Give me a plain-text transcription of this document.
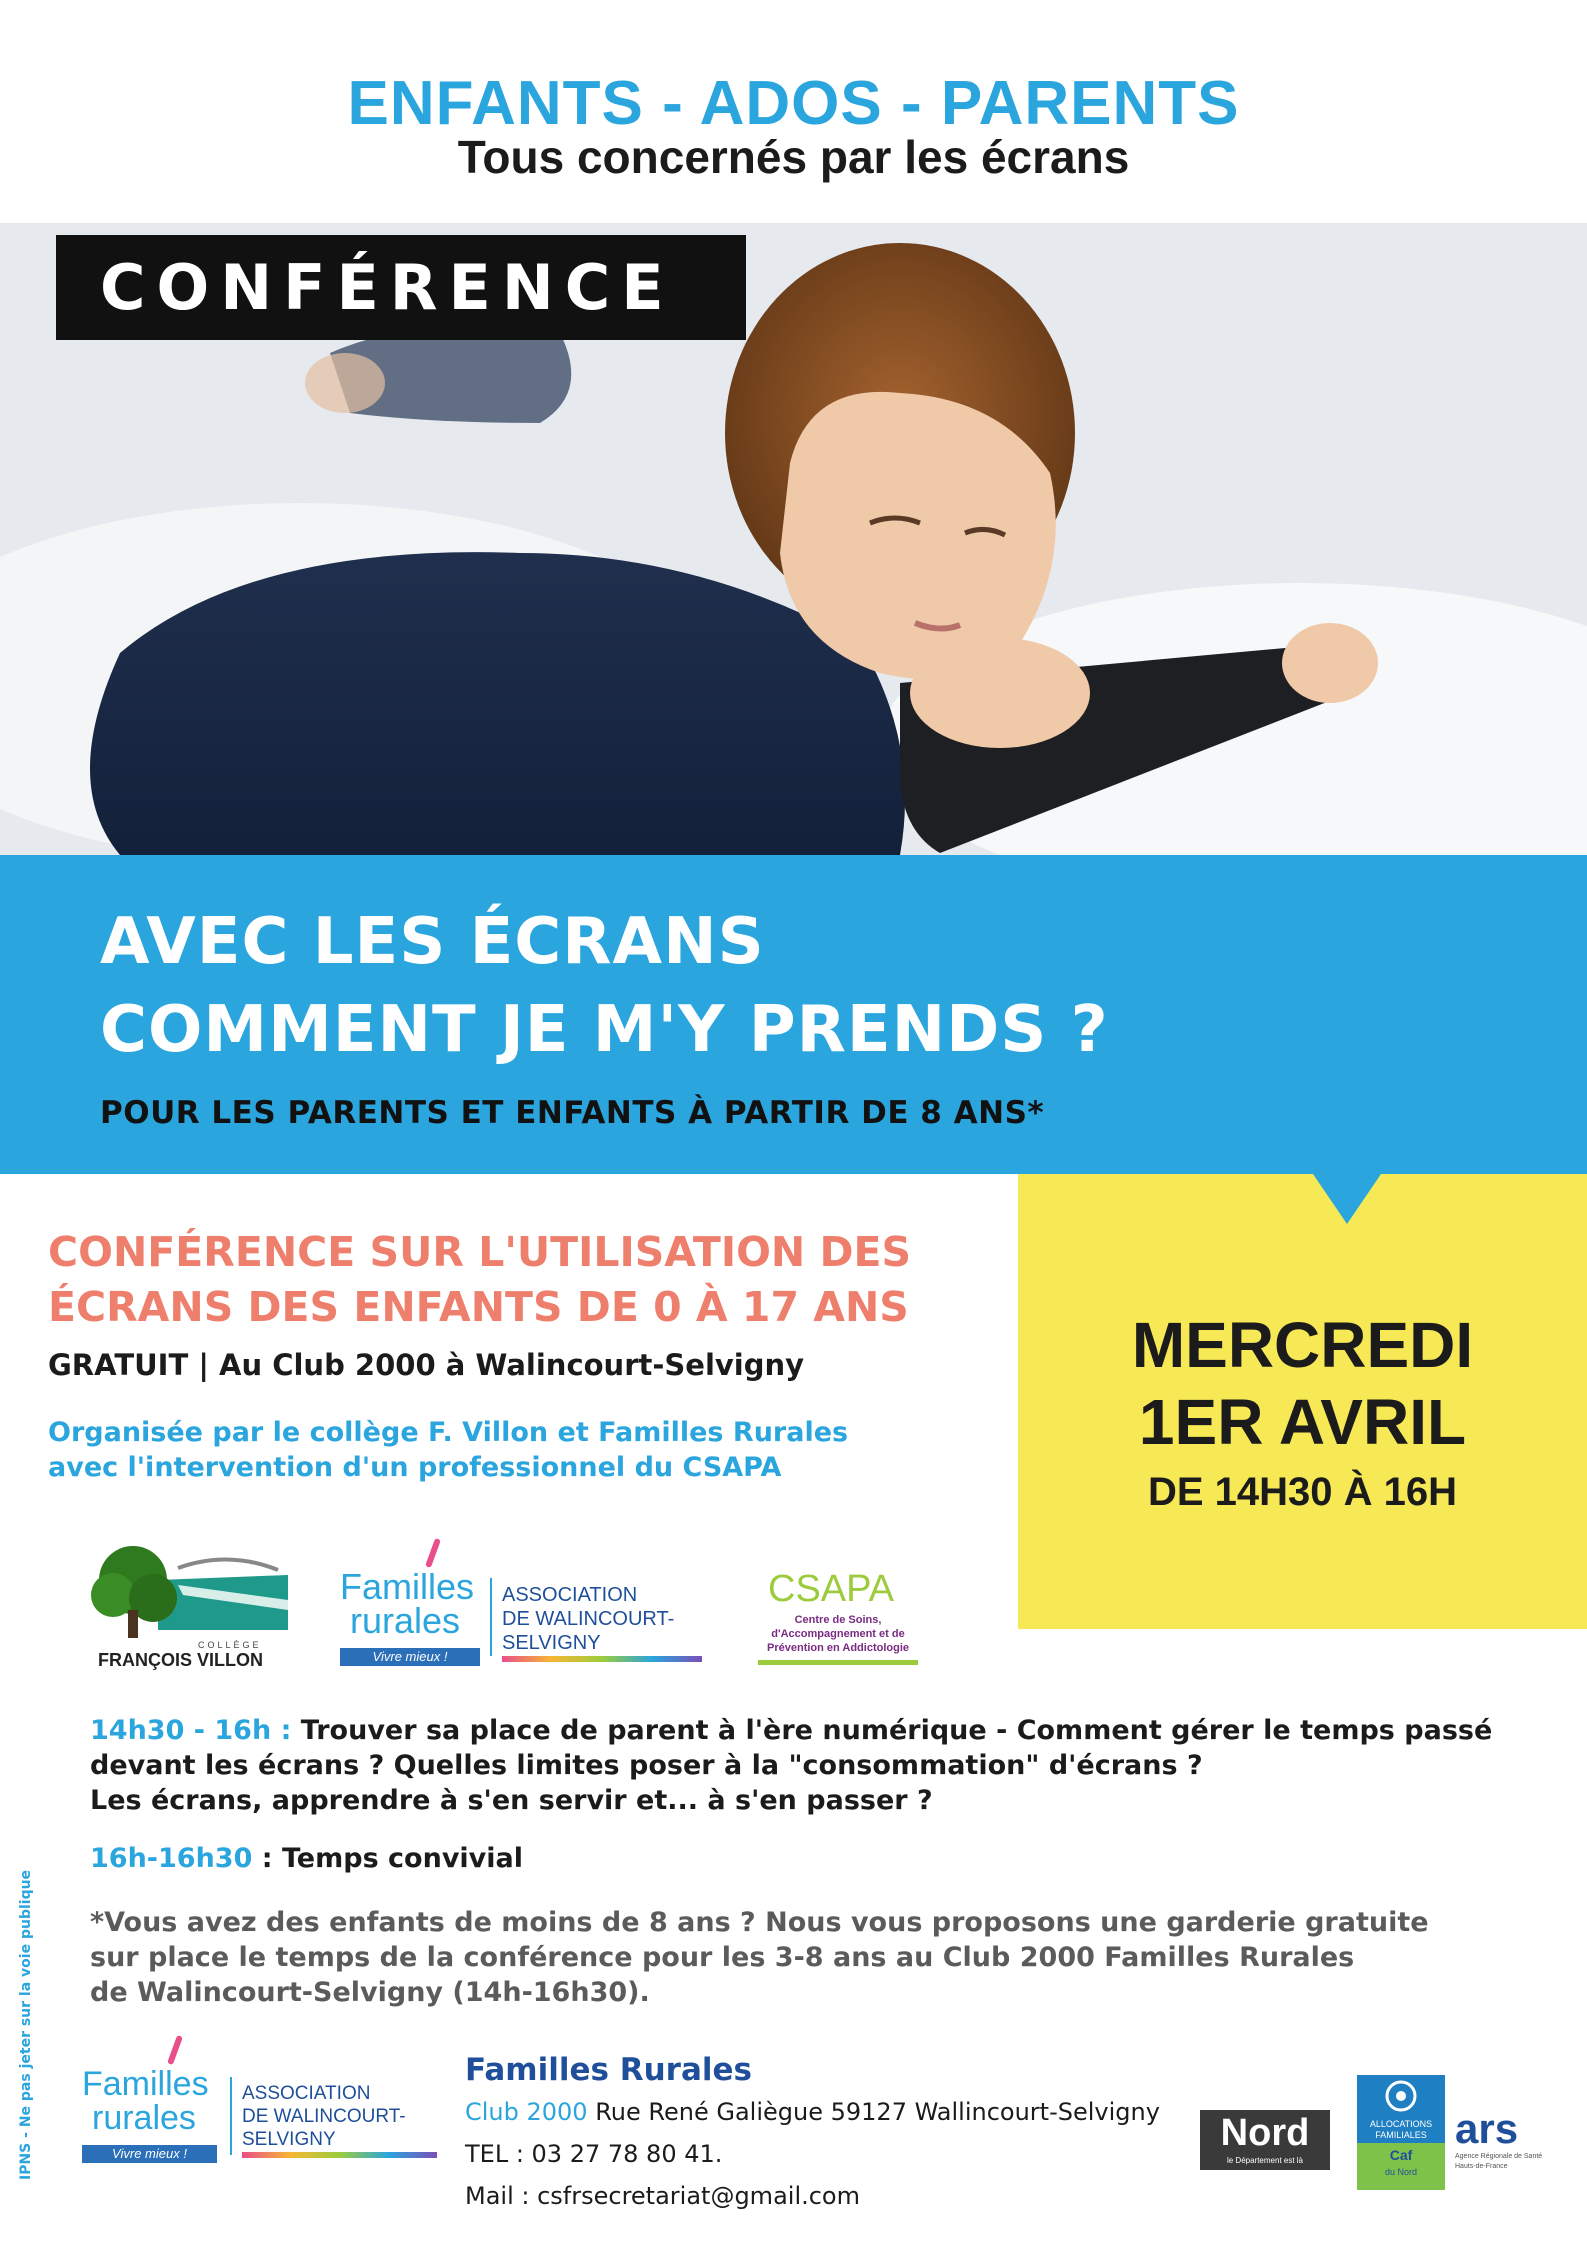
ENFANTS - ADOS - PARENTS
Tous concernés par les écrans
CONFÉRENCE
AVEC LES ÉCRANS
COMMENT JE M'Y PRENDS ?
POUR LES PARENTS ET ENFANTS À PARTIR DE 8 ANS*
MERCREDI
1ER AVRIL
DE 14H30 À 16H
CONFÉRENCE SUR L'UTILISATION DES
ÉCRANS DES ENFANTS DE 0 À 17 ANS
GRATUIT | Au Club 2000 à Walincourt-Selvigny
Organisée par le collège F. Villon et Familles Rurales
avec l'intervention d'un professionnel du CSAPA
COLLÈGE
FRANÇOIS VILLON
Familles
rurales
Vivre mieux !
ASSOCIATION
DE WALINCOURT-
SELVIGNY
CSAPA
Centre de Soins,
d'Accompagnement et de
Prévention en Addictologie
14h30 - 16h : Trouver sa place de parent à l'ère numérique - Comment gérer le temps passé
devant les écrans ? Quelles limites poser à la "consommation" d'écrans ?
Les écrans, apprendre à s'en servir et... à s'en passer ?
16h-16h30 : Temps convivial
*Vous avez des enfants de moins de 8 ans ? Nous vous proposons une garderie gratuite
sur place le temps de la conférence pour les 3-8 ans au Club 2000 Familles Rurales
de Walincourt-Selvigny (14h-16h30).
IPNS - Ne pas jeter sur la voie publique Familles
rurales
Vivre mieux !
ASSOCIATION
DE WALINCOURT-
SELVIGNY
Familles Rurales
Club 2000 Rue René Galiègue 59127 Wallincourt-Selvigny
TEL : 03 27 78 80 41.
Mail : csfrsecretariat@gmail.com
Nord
le Département est là
ALLOCATIONS
FAMILIALES
Caf
du Nord
ars
Agence Régionale de Santé
Hauts-de-France
